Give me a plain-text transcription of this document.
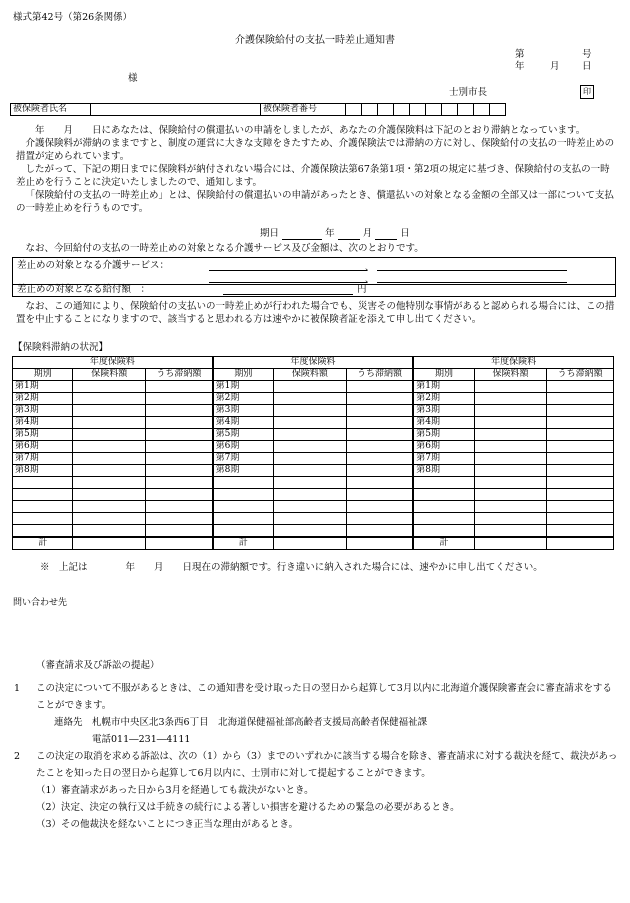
様式第42号（第26条関係）
介護保険給付の支払一時差止通知書
第	号
年	月 日
様
士別市長	印
被保険者氏名		被保険者番号										

　　年　　月　　日にあなたは、保険給付の償還払いの申請をしましたが、あなたの介護保険料は下記のとおり滞納となっています。

介護保険料が滞納のままですと、制度の運営に大きな支障をきたすため、介護保険法では滞納の方に対し、保険給付の支払の一時差止めの措置が定められています。

したがって、下記の期日までに保険料が納付されない場合には、介護保険法第67条第1項・第2項の規定に基づき、保険給付の支払の一時差止めを行うことに決定いたしましたので、通知します。

「保険給付の支払の一時差止め」とは、保険給付の償還払いの申請があったとき、償還払いの対象となる金額の全部又は一部について支払の一時差止めを行うものです。

期日	年	月	日
なお、今回給付の支払の一時差止めの対象となる介護サービス及び金額は、次のとおりです。
差止めの対象となる介護サービス：	、
、
差止めの対象となる給付額　：	円
なお、この通知により、保険給付の支払いの一時差止めが行われた場合でも、災害その他特別な事情があると認められる場合には、この措置を中止することになりますので、該当すると思われる方は速やかに被保険者証を添えて申し出てください。
【保険料滞納の状況】
年度保険料			年度保険料			年度保険料		
期別	保険料額	うち滞納額	期別	保険料額	うち滞納額	期別	保険料額	うち滞納額
第1期			第1期			第1期		
第2期			第2期			第2期		
第3期			第3期			第3期		
第4期			第4期			第4期		
第5期			第5期			第5期		
第6期			第6期			第6期		
第7期			第7期			第7期		
第8期			第8期			第8期		

計			計			計		
※　上記は　　　　年　　月　　日現在の滞納額です。行き違いに納入された場合には、速やかに申し出てください。
問い合わせ先
（審査請求及び訴訟の提起）
1	この決定について不服があるときは、この通知書を受け取った日の翌日から起算して3月以内に北海道介護保険審査会に審査請求をすることができます。
連絡先　札幌市中央区北3条西6丁目　北海道保健福祉部高齢者支援局高齢者保健福祉課
電話011―231―4111
2	この決定の取消を求める訴訟は、次の（1）から（3）までのいずれかに該当する場合を除き、審査請求に対する裁決を経て、裁決があったことを知った日の翌日から起算して6月以内に、士別市に対して提起することができます。
（1）審査請求があった日から3月を経過しても裁決がないとき。
（2）決定、決定の執行又は手続きの続行による著しい損害を避けるための緊急の必要があるとき。
（3）その他裁決を経ないことにつき正当な理由があるとき。
